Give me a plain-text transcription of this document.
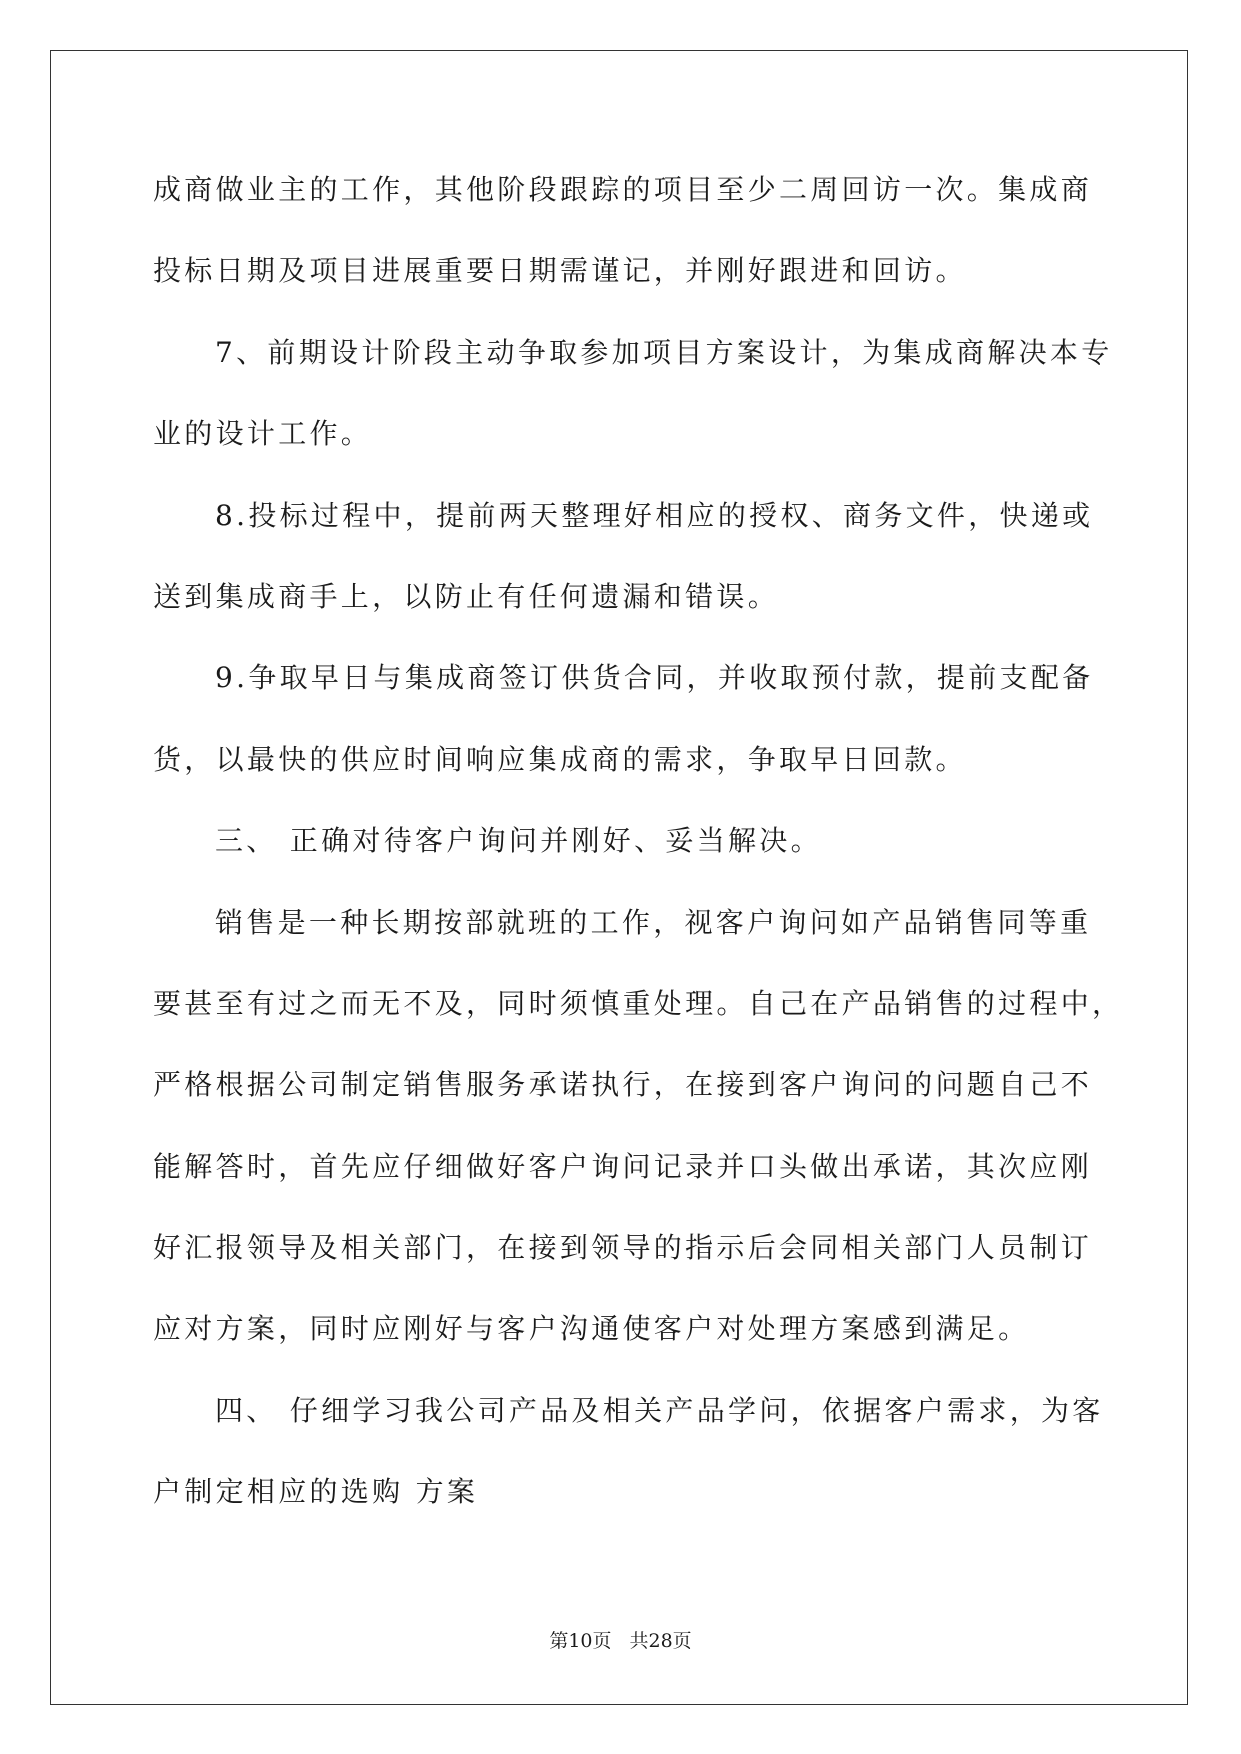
成商做业主的工作，其他阶段跟踪的项目至少二周回访一次。集成商
投标日期及项目进展重要日期需谨记，并刚好跟进和回访。
7、前期设计阶段主动争取参加项目方案设计，为集成商解决本专
业的设计工作。
8.投标过程中，提前两天整理好相应的授权、商务文件，快递或
送到集成商手上，以防止有任何遗漏和错误。
9.争取早日与集成商签订供货合同，并收取预付款，提前支配备
货，以最快的供应时间响应集成商的需求，争取早日回款。
三、 正确对待客户询问并刚好、妥当解决。
销售是一种长期按部就班的工作，视客户询问如产品销售同等重
要甚至有过之而无不及，同时须慎重处理。自己在产品销售的过程中，
严格根据公司制定销售服务承诺执行，在接到客户询问的问题自己不
能解答时，首先应仔细做好客户询问记录并口头做出承诺，其次应刚
好汇报领导及相关部门，在接到领导的指示后会同相关部门人员制订
应对方案，同时应刚好与客户沟通使客户对处理方案感到满足。
四、 仔细学习我公司产品及相关产品学问，依据客户需求，为客
户制定相应的选购 方案
第10页 共28页
